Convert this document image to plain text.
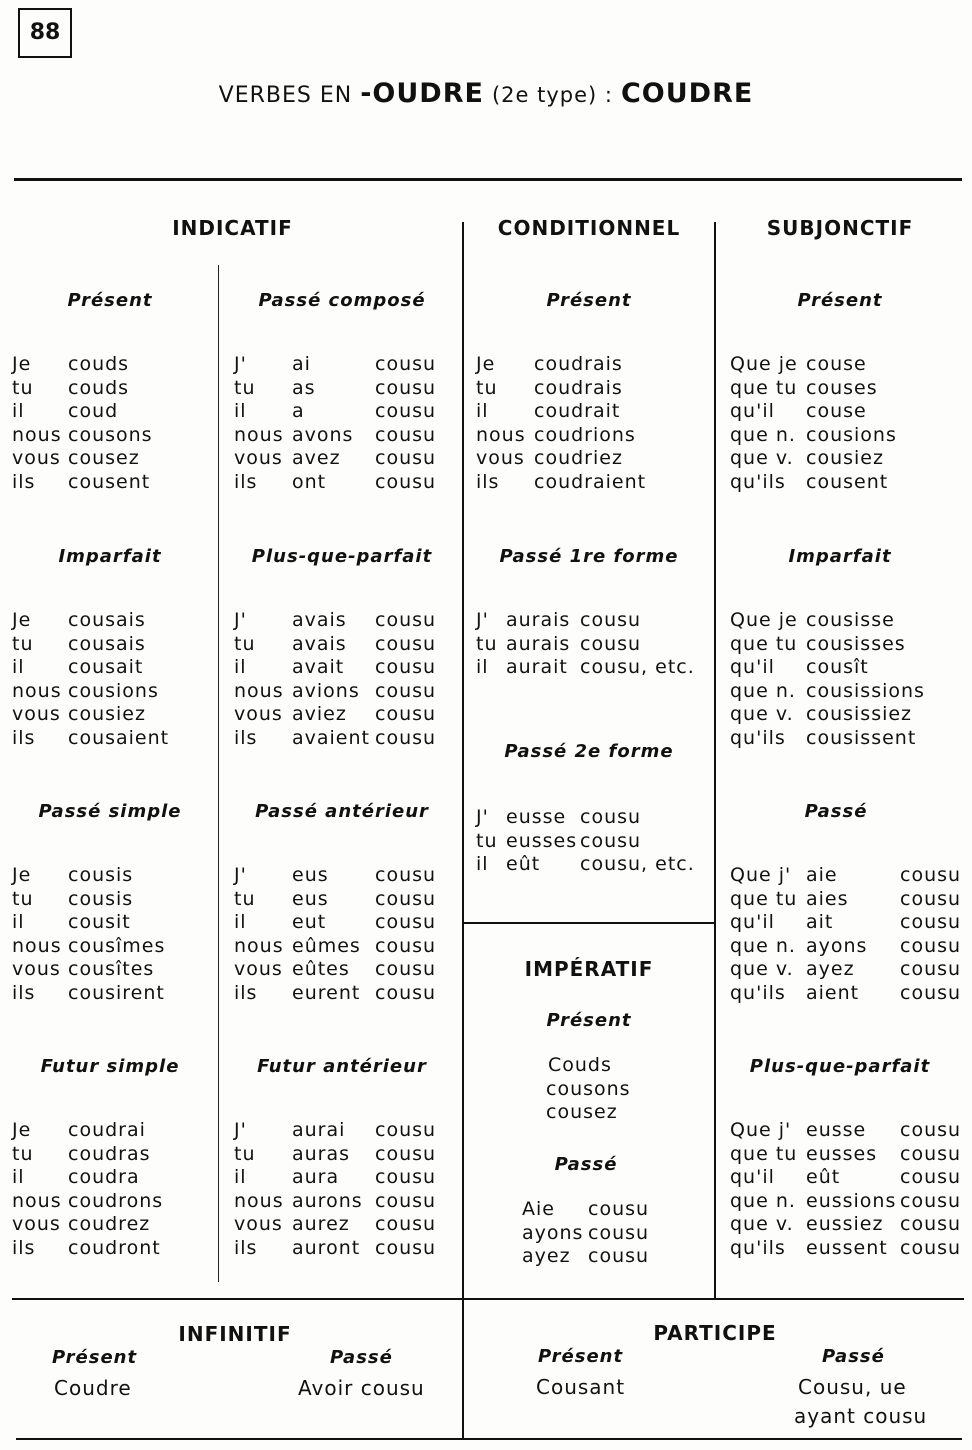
88
VERBES EN -OUDRE (2e type) : COUDRE
INDICATIF	CONDITIONNEL	SUBJONCTIF
IMPÉRATIF
INFINITIF	PARTICIPE
Présent
Je couds
tu couds
il coud
nous cousons
vous cousez
ils cousent
Imparfait
Je cousais
tu cousais
il cousait
nous cousions
vous cousiez
ils cousaient
Passé simple
Je cousis
tu cousis
il cousit
nous cousîmes
vous cousîtes
ils cousirent
Futur simple
Je coudrai
tu coudras
il coudra
nous coudrons
vous coudrez
ils coudront
Passé composé
J' ai	cousu
tu as	cousu
il a	cousu
nous avons cousu
vous avez cousu
ils ont	cousu
Plus-que-parfait
J' avais cousu
tu avais cousu
il avait cousu
nous avions cousu
vous aviez cousu
ils avaient cousu
Passé antérieur
J' eus cousu
tu eus cousu
il eut	cousu
nous eûmes cousu
vous eûtes cousu
ils eurent cousu
Futur antérieur
J' aurai cousu
tu auras cousu
il aura cousu
nous aurons cousu
vous aurez cousu
ils auront cousu
Présent
Je coudrais
tu coudrais
il coudrait
nous coudrions
vous coudriez
ils coudraient
Passé 1re forme
J' aurais cousu
tu aurais cousu
il aurait cousu, etc.
Passé 2e forme
J' eusse cousu
tu eusses cousu
il eût cousu, etc.
Présent
Couds
cousons
cousez
Passé
Aie cousu
ayons cousu
ayez cousu
Présent
Que je couse
que tu couses
qu'il couse
que n. cousions
que v. cousiez
qu'ils cousent
Imparfait
Que je cousisse
que tu cousisses
qu'il cousît
que n. cousissions
que v. cousissiez
qu'ils cousissent
Passé
Que j' aie	cousu
que tu aies	cousu
qu'il ait	cousu
que n. ayons cousu
que v. ayez cousu
qu'ils aient cousu
Plus-que-parfait
Que j' eusse cousu
que tu eusses cousu
qu'il eût	cousu
que n. eussions cousu
que v. eussiez cousu
qu'ils eussent cousu
Présent
Coudre
Passé
Avoir cousu
Présent
Cousant
Passé
Cousu, ue
ayant cousu
